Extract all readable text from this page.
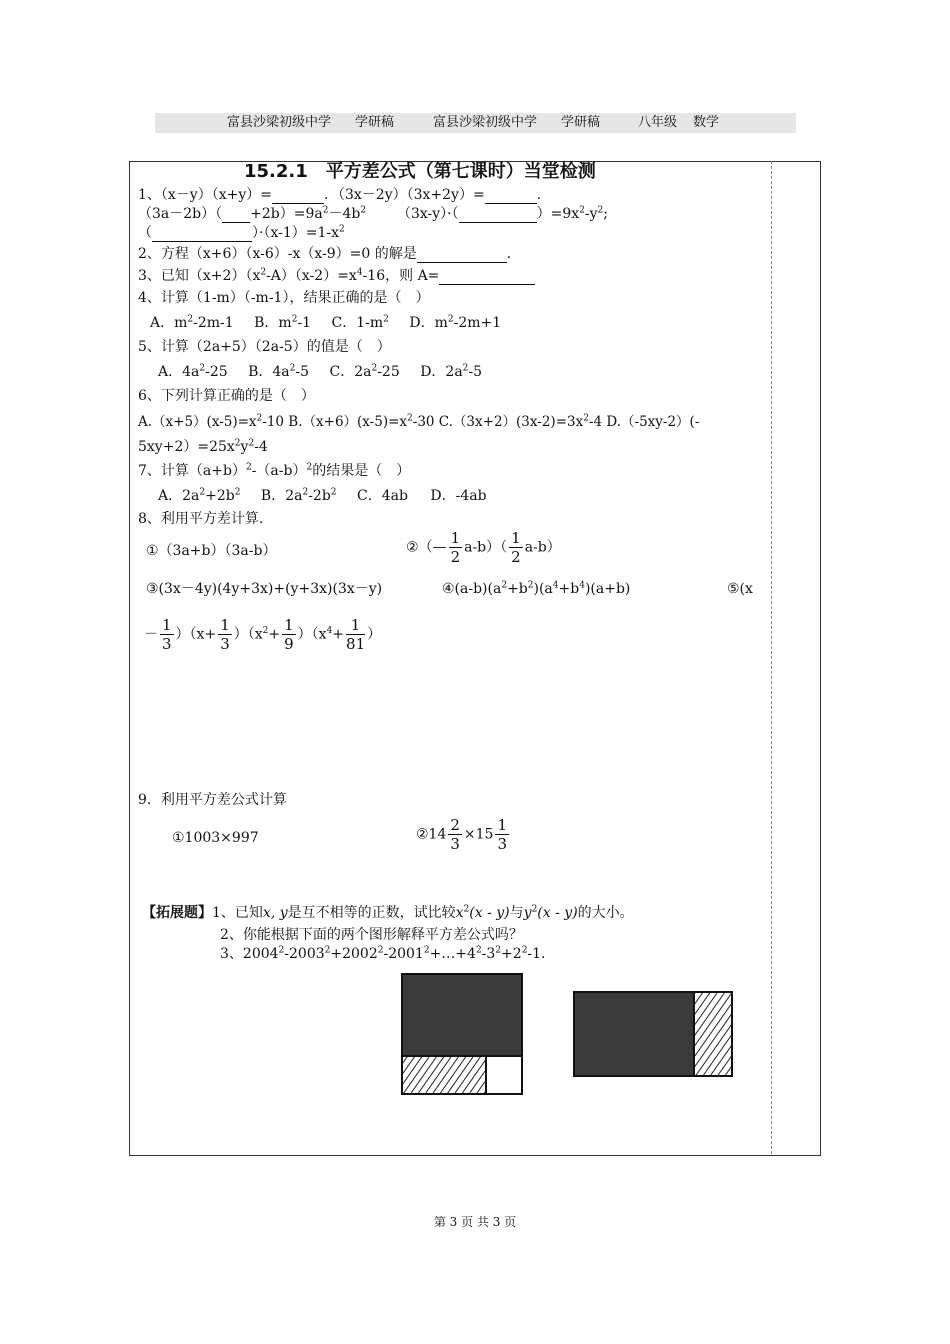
富县沙梁初级中学 学研稿	富县沙梁初级中学 学研稿	八年级 数学
15.2.1　平方差公式（第七课时）当堂检测
1、（x－y）（x+y）=	．（3x－2y）（3x+2y）=	.
$(3a-2b)( +2b)=9a^2-4b^2$ （3x-y）·（	）$=9x^2-y^2$;
（	）$\cdot(x-1)=1-x^2$
2、方程（x+6）（x-6）-x（x-9）=0 的解是	.
3、已知$(x+2)(x^2-A)(x-2)=x^4-16$，则 A=
4、计算（1-m）（-m-1），结果正确的是（　）
A．$m^2-2m-1$ B．$m^2-1$ C．$1-m^2$ D．$m^2-2m+1$
5、计算（2a+5）（2a-5）的值是（　）
A．$4a^2-25$ B．$4a^2-5$ C．$2a^2-25$ D．$2a^2-5$
6、下列计算正确的是（　）
$A.(x+5)(x-5)=x^2-10$ $B.(x+6)(x-5)=x^2-30$ $C.(3x+2)(3x-2)=3x^2-4$ D.（-5xy-2）(-
$5xy+2)=25x^2y^2-4$
7、计算$(a+b)^2-(a-b)^2$的结果是（　）
A．$2a^2+2b^2$ B．$2a^2-2b^2$ C．4ab D．-4ab
8、利用平方差计算.
①（3a+b）（3a-b）	②（— $\frac{1}{2} a-b)( \frac{1}{2} a-b)$
③(3x－4y)(4y+3x)+(y+3x)(3x－y)	$④(a-b)(a^2+b^2)(a^4+b^4)(a+b)$	⑤(x
－ $\frac{1}{3} )(x+ \frac{1}{3} )(x^2+ \frac{1}{9} )(x^4+ \frac{1}{81}$ ）
9．利用平方差公式计算
①1003×997	②14 $\frac{2}{3} \times 15 \frac{1}{3}$
【拓展题】1、已知x, y是互不相等的正数，试比较$x^2(x - y)$与$y^2(x - y)$的大小。
2、你能根据下面的两个图形解释平方差公式吗？
3、$2004^2-2003^2+2002^2-2001^2+\dots+4^2-3^2+2^2-1$.
第 3 页 共 3 页
